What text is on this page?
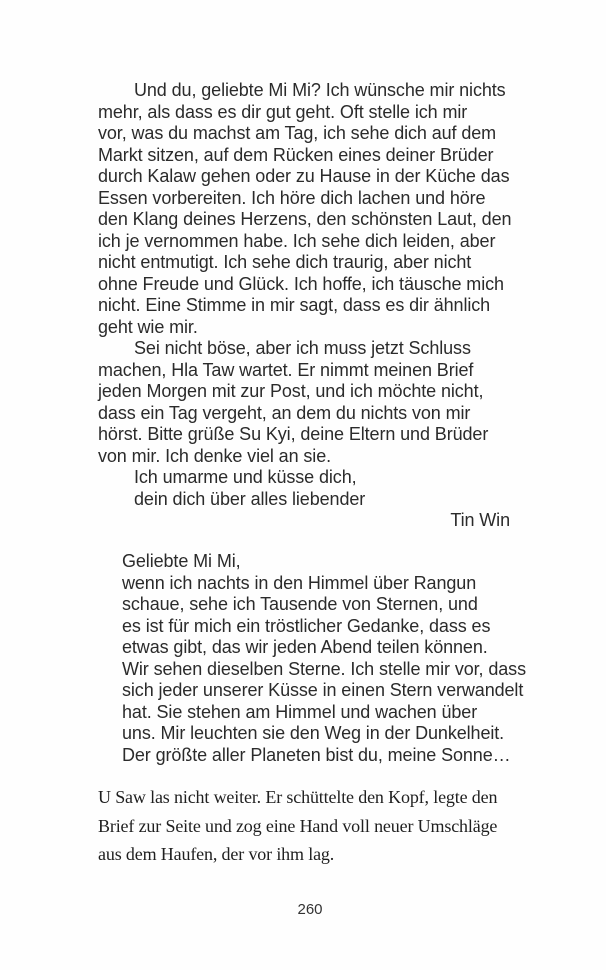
Und du, geliebte Mi Mi? Ich wünsche mir nichts
mehr, als dass es dir gut geht. Oft stelle ich mir
vor, was du machst am Tag, ich sehe dich auf dem
Markt sitzen, auf dem Rücken eines deiner Brüder
durch Kalaw gehen oder zu Hause in der Küche das
Essen vorbereiten. Ich höre dich lachen und höre
den Klang deines Herzens, den schönsten Laut, den
ich je vernommen habe. Ich sehe dich leiden, aber
nicht entmutigt. Ich sehe dich traurig, aber nicht
ohne Freude und Glück. Ich hoffe, ich täusche mich
nicht. Eine Stimme in mir sagt, dass es dir ähnlich
geht wie mir.
Sei nicht böse, aber ich muss jetzt Schluss
machen, Hla Taw wartet. Er nimmt meinen Brief
jeden Morgen mit zur Post, und ich möchte nicht,
dass ein Tag vergeht, an dem du nichts von mir
hörst. Bitte grüße Su Kyi, deine Eltern und Brüder
von mir. Ich denke viel an sie.
Ich umarme und küsse dich,
dein dich über alles liebender
Tin Win
Geliebte Mi Mi,
wenn ich nachts in den Himmel über Rangun
schaue, sehe ich Tausende von Sternen, und
es ist für mich ein tröstlicher Gedanke, dass es
etwas gibt, das wir jeden Abend teilen können.
Wir sehen dieselben Sterne. Ich stelle mir vor, dass
sich jeder unserer Küsse in einen Stern verwandelt
hat. Sie stehen am Himmel und wachen über
uns. Mir leuchten sie den Weg in der Dunkelheit.
Der größte aller Planeten bist du, meine Sonne…
U Saw las nicht weiter. Er schüttelte den Kopf, legte den
Brief zur Seite und zog eine Hand voll neuer Umschläge
aus dem Haufen, der vor ihm lag.
260
